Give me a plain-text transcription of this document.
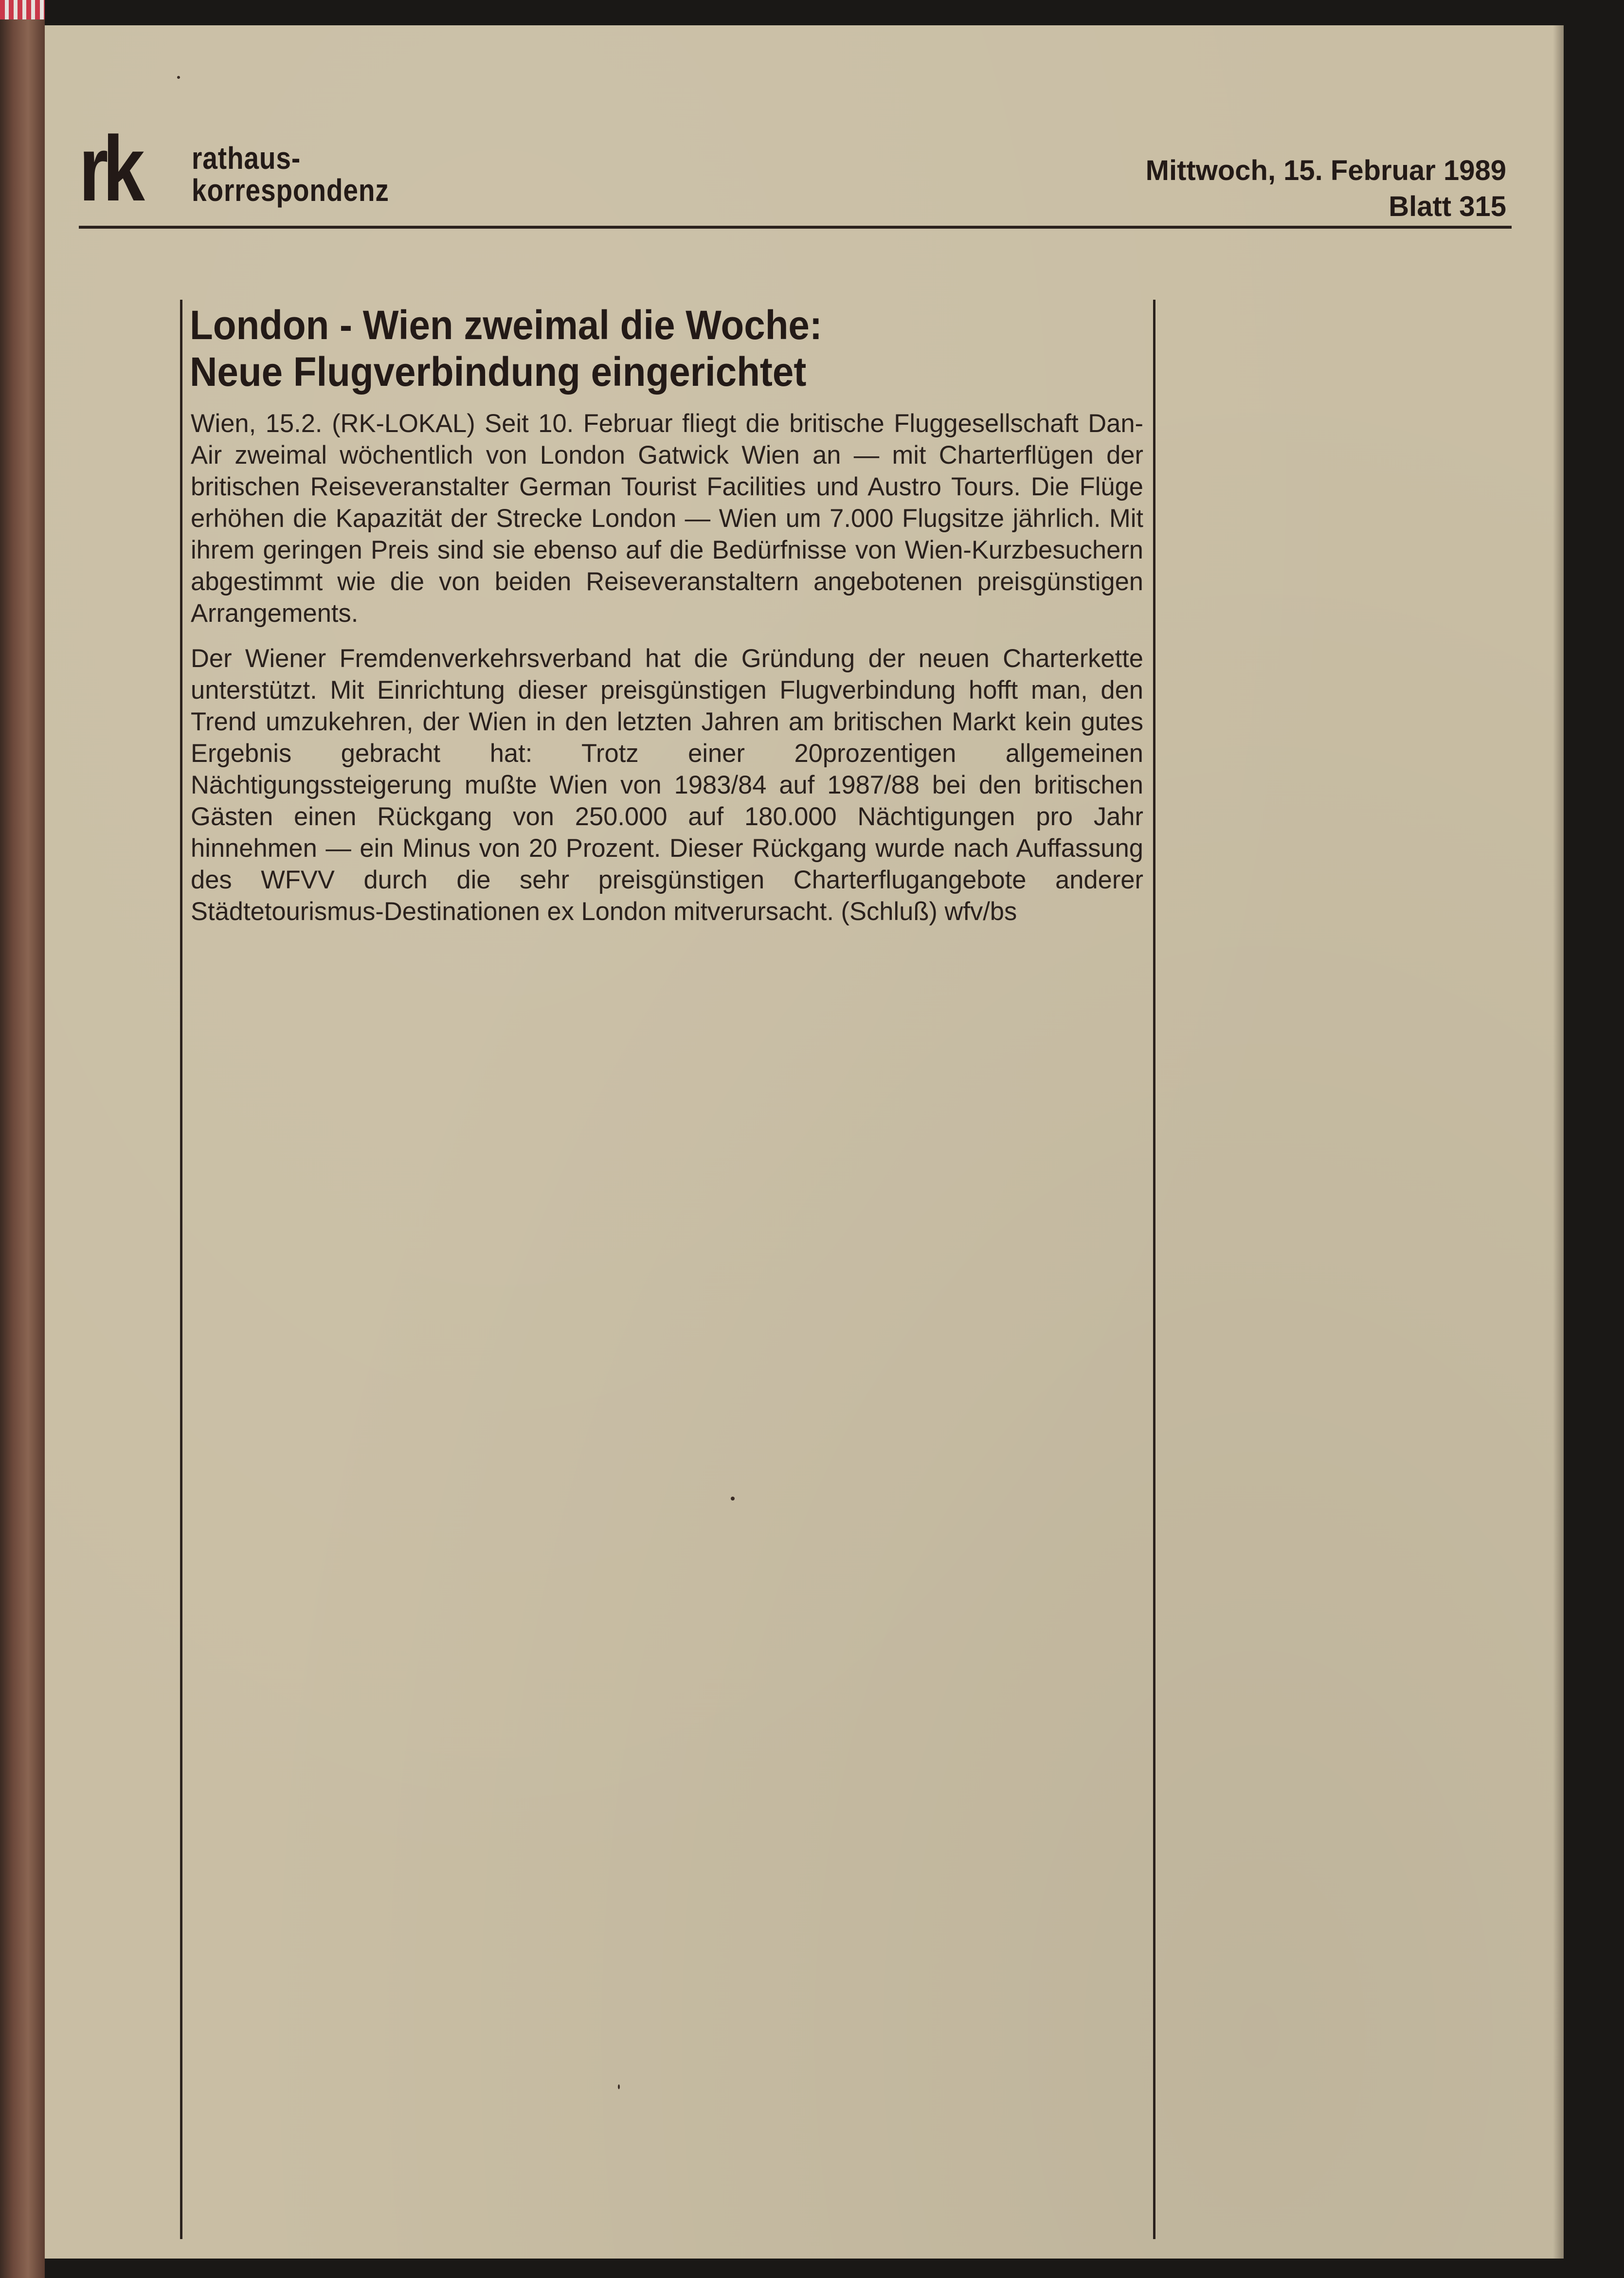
rk rathaus-
korrespondenz
Mittwoch, 15. Februar 1989
Blatt 315
London - Wien zweimal die Woche:
Neue Flugverbindung eingerichtet

Wien, 15.2. (RK-LOKAL) Seit 10. Februar fliegt die britische Fluggesellschaft Dan-Air zweimal wöchentlich von London Gatwick Wien an — mit Charterflügen der britischen Reiseveranstalter German Tourist Facilities und Austro Tours. Die Flüge erhöhen die Kapazität der Strecke London — Wien um 7.000 Flugsitze jährlich. Mit ihrem geringen Preis sind sie ebenso auf die Bedürfnisse von Wien-Kurzbesuchern abgestimmt wie die von beiden Reiseveranstaltern angebotenen preisgünstigen Arrangements.

Der Wiener Fremdenverkehrsverband hat die Gründung der neuen Charterkette unterstützt. Mit Einrichtung dieser preisgünstigen Flugverbindung hofft man, den Trend umzukehren, der Wien in den letzten Jahren am britischen Markt kein gutes Ergebnis gebracht hat: Trotz einer 20prozentigen allgemeinen Nächtigungssteigerung mußte Wien von 1983/84 auf 1987/88 bei den britischen Gästen einen Rückgang von 250.000 auf 180.000 Nächtigungen pro Jahr hinnehmen — ein Minus von 20 Prozent. Dieser Rückgang wurde nach Auffassung des WFVV durch die sehr preisgünstigen Charterflugangebote anderer Städtetourismus-Destinationen ex London mitverursacht. (Schluß) wfv/bs
